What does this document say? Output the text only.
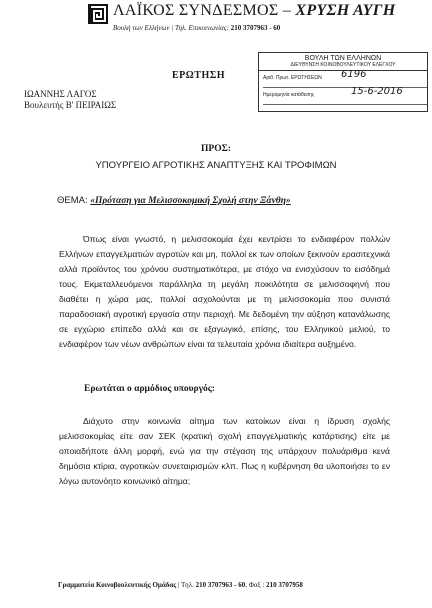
ΛΑΪΚΟΣ ΣΥΝΔΕΣΜΟΣ – ΧΡΥΣΗ ΑΥΓΗ
Βουλή των Ελλήνων | Τηλ. Επικοινωνίας: 210 3707963 - 60
ΒΟΥΛΗ ΤΩΝ ΕΛΛΗΝΩΝ
ΔΙΕΥΘΥΝΣΗ ΚΟΙΝΟΒΟΥΛΕΥΤΙΚΟΥ ΕΛΕΓΧΟΥ
Αριθ. Πρωτ. ΕΡΩΤΗΣΕΩΝ 6196
Ημερομηνία κατάθεσης	15-6-2016
ΕΡΩΤΗΣΗ
ΙΩΑΝΝΗΣ ΛΑΓΟΣ
Βουλευτής Β' ΠΕΙΡΑΙΩΣ
ΠΡΟΣ:
ΥΠΟΥΡΓΕΙΟ ΑΓΡΟΤΙΚΗΣ ΑΝΑΠΤΥΞΗΣ ΚΑΙ ΤΡΟΦΙΜΩΝ
ΘΕΜΑ: «Πρόταση για Μελισσοκομική Σχολή στην Ξάνθη»

Όπως είναι γνωστό, η μελισσοκομία έχει κεντρίσει το ενδιαφέρον πολλών Ελλήνων επαγγελματιών αγροτών και μη, πολλοί εκ των οποίων ξεκινούν ερασιτεχνικά αλλά προϊόντος του χρόνου συστηματικότερα, με στόχο να ενισχύσουν το εισόδημά τους. Εκμεταλλευόμενοι παράλληλα τη μεγάλη ποικιλότητα σε μελισσοφηνή που διαθέτει η χώρα μας, πολλοί ασχολούνται με τη μελισσοκομία που συνιστά παραδοσιακή αγροτική εργασία στην περιοχή. Με δεδομένη την αύξηση κατανάλωσης σε εγχώριο επίπεδο αλλά και σε εξαγωγικό, επίσης, του Ελληνικού μελιού, το ενδιαφέρον των νέων ανθρώπων είναι τα τελευταία χρόνια ιδιαίτερα αυξημένο.

Ερωτάται ο αρμόδιος υπουργός:

Διάχυτο στην κοινωνία αίτημα των κατοίκων είναι η ίδρυση σχολής μελισσοκομίας είτε σαν ΣΕΚ (κρατική σχολή επαγγελματικής κατάρτισης) είτε με οποιαδήποτε άλλη μορφή, ενώ για την στέγαση της υπάρχουν πολυάριθμα κενά δημόσια κτίρια, αγροτικών συνεταιρισμών κλπ. Πως η κυβέρνηση θα υλοποιήσει το εν λόγω αυτονόητο κοινωνικό αίτημα;

Γραμματεία Κοινοβουλευτικής Ομάδας | Τηλ. 210 3707963 - 60, Φαξ : 210 3707958
